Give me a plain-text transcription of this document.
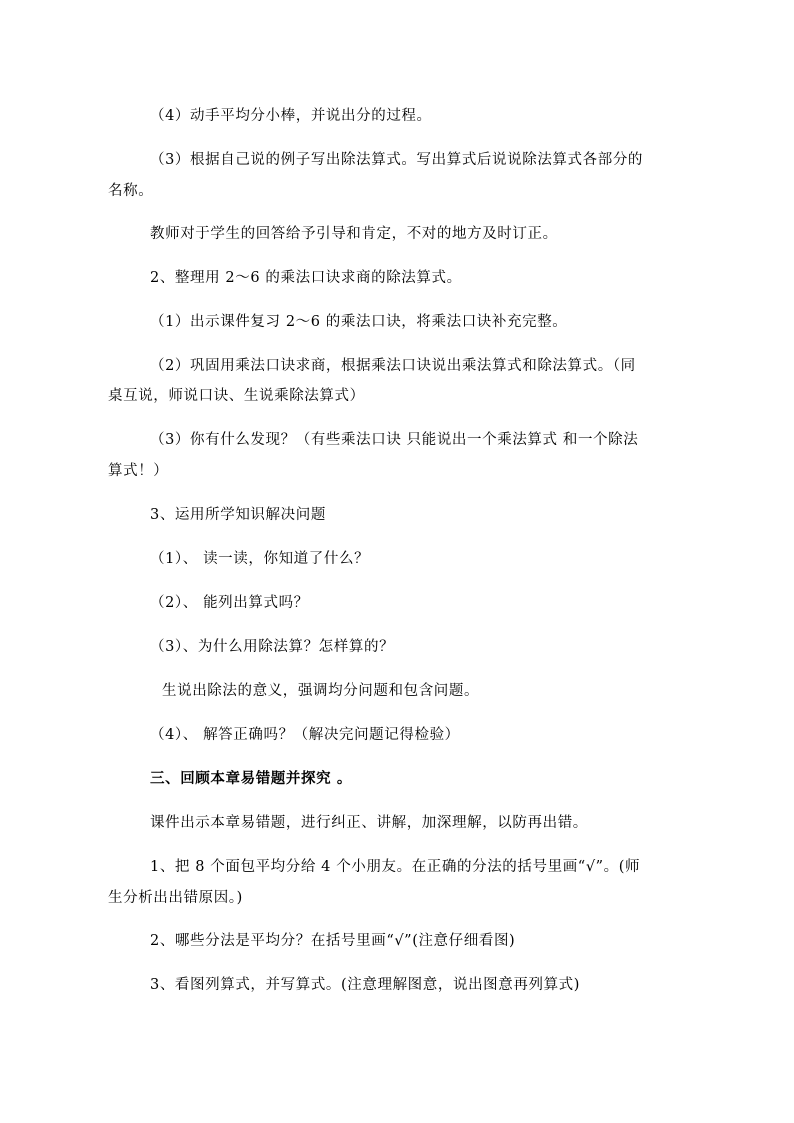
（4）动手平均分小棒，并说出分的过程。
（3）根据自己说的例子写出除法算式。写出算式后说说除法算式各部分的
名称。
教师对于学生的回答给予引导和肯定，不对的地方及时订正。
2、整理用 2～6 的乘法口诀求商的除法算式。
（1）出示课件复习 2～6 的乘法口诀，将乘法口诀补充完整。
（2）巩固用乘法口诀求商，根据乘法口诀说出乘法算式和除法算式。（同
桌互说，师说口诀、生说乘除法算式）
（3）你有什么发现？（有些乘法口诀 只能说出一个乘法算式 和一个除法
算式！）
3、运用所学知识解决问题
（1）、 读一读，你知道了什么？
（2）、 能列出算式吗？
（3）、为什么用除法算？怎样算的？
生说出除法的意义，强调均分问题和包含问题。
（4）、 解答正确吗？（解决完问题记得检验）
三、回顾本章易错题并探究 。
课件出示本章易错题，进行纠正、讲解，加深理解，以防再出错。
1、把 8 个面包平均分给 4 个小朋友。在正确的分法的括号里画“√”。(师
生分析出出错原因。)
2、哪些分法是平均分？在括号里画“√”(注意仔细看图)
3、看图列算式，并写算式。(注意理解图意，说出图意再列算式)
